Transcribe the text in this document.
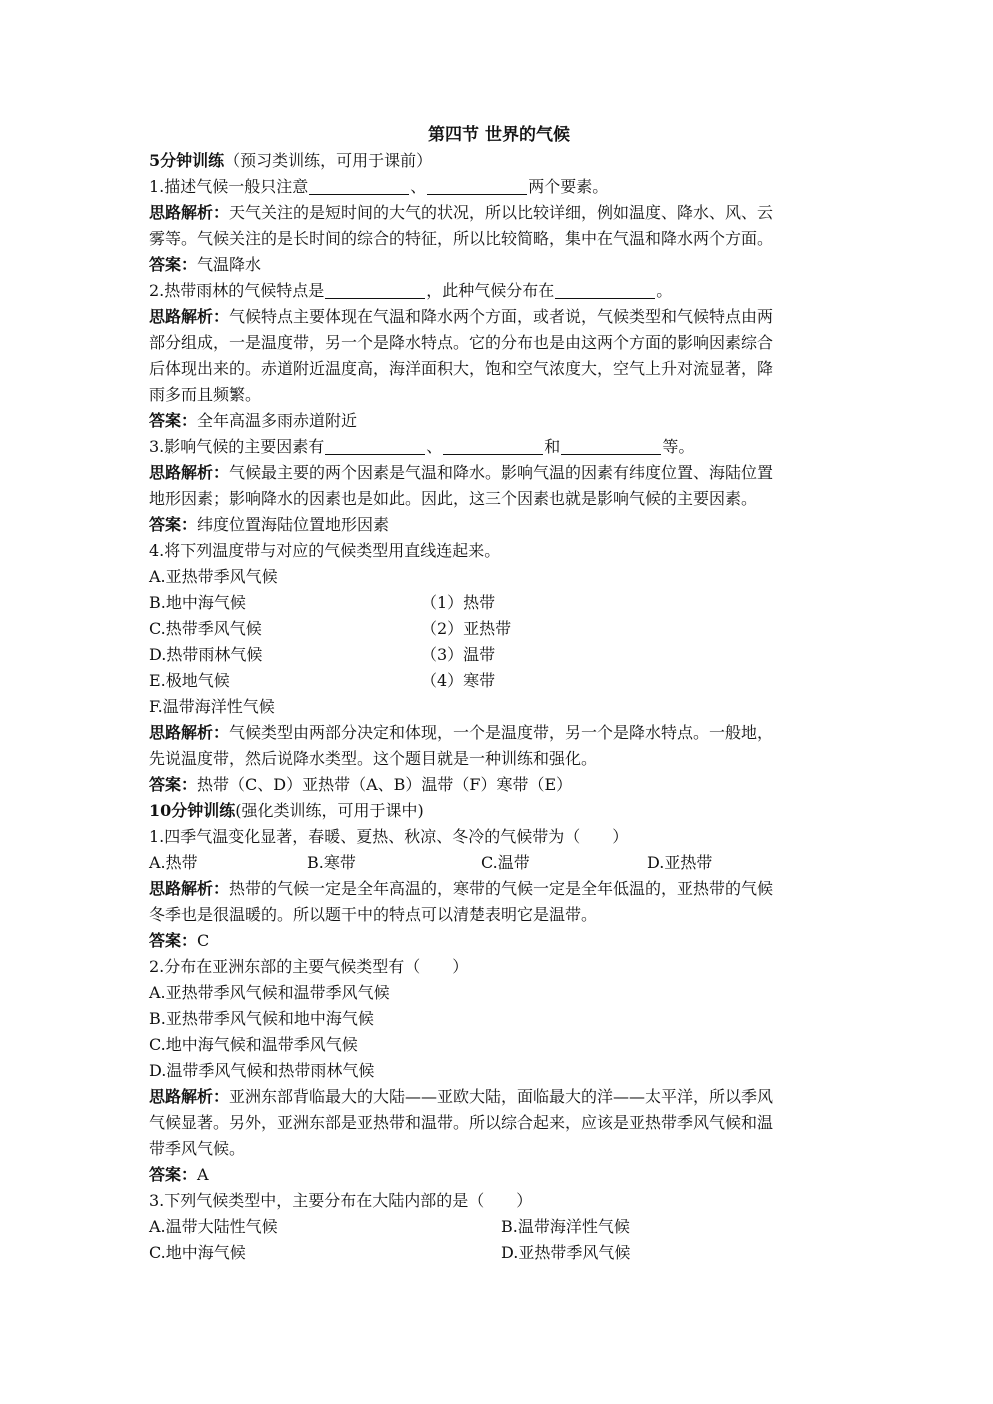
第四节 世界的气候
5分钟训练（预习类训练，可用于课前）
1.描述气候一般只注意	、	两个要素。
思路解析：天气关注的是短时间的大气的状况，所以比较详细，例如温度、降水、风、云
雾等。气候关注的是长时间的综合的特征，所以比较简略，集中在气温和降水两个方面。
答案：气温降水
2.热带雨林的气候特点是	，此种气候分布在	。
思路解析：气候特点主要体现在气温和降水两个方面，或者说，气候类型和气候特点由两
部分组成，一是温度带，另一个是降水特点。它的分布也是由这两个方面的影响因素综合
后体现出来的。赤道附近温度高，海洋面积大，饱和空气浓度大，空气上升对流显著，降
雨多而且频繁。
答案：全年高温多雨赤道附近
3.影响气候的主要因素有	、	和	等。
思路解析：气候最主要的两个因素是气温和降水。影响气温的因素有纬度位置、海陆位置
地形因素；影响降水的因素也是如此。因此，这三个因素也就是影响气候的主要因素。
答案：纬度位置海陆位置地形因素
4.将下列温度带与对应的气候类型用直线连起来。
A.亚热带季风气候
B.地中海气候	（1）热带
C.热带季风气候	（2）亚热带
D.热带雨林气候	（3）温带
E.极地气候	（4）寒带
F.温带海洋性气候
思路解析：气候类型由两部分决定和体现，一个是温度带，另一个是降水特点。一般地，
先说温度带，然后说降水类型。这个题目就是一种训练和强化。
答案：热带（C、D）亚热带（A、B）温带（F）寒带（E）
10分钟训练(强化类训练，可用于课中)
1.四季气温变化显著，春暖、夏热、秋凉、冬冷的气候带为（　　）
A.热带	B.寒带	C.温带	D.亚热带
思路解析：热带的气候一定是全年高温的，寒带的气候一定是全年低温的，亚热带的气候
冬季也是很温暖的。所以题干中的特点可以清楚表明它是温带。
答案：C
2.分布在亚洲东部的主要气候类型有（　　）
A.亚热带季风气候和温带季风气候
B.亚热带季风气候和地中海气候
C.地中海气候和温带季风气候
D.温带季风气候和热带雨林气候
思路解析：亚洲东部背临最大的大陆——亚欧大陆，面临最大的洋——太平洋，所以季风
气候显著。另外，亚洲东部是亚热带和温带。所以综合起来，应该是亚热带季风气候和温
带季风气候。
答案：A
3.下列气候类型中，主要分布在大陆内部的是（　　）
A.温带大陆性气候	B.温带海洋性气候
C.地中海气候	D.亚热带季风气候
